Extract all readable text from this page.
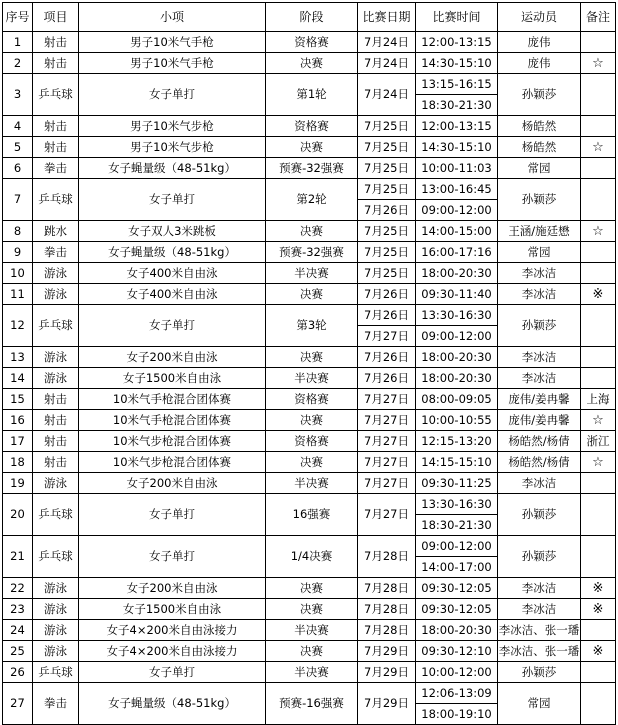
序号	项目	小项	阶段	比赛日期	比赛时间	运动员	备注
1	射击	男子10米气手枪	资格赛	7月24日	12:00-13:15	庞伟	
2	射击	男子10米气手枪	决赛	7月24日	14:30-15:10	庞伟	☆
3	乒乓球	女子单打	第1轮	7月24日	13:15-16:15	孙颖莎	
					18:30-21:30		
4	射击	男子10米气步枪	资格赛	7月25日	12:00-13:15	杨皓然	
5	射击	男子10米气步枪	决赛	7月25日	14:30-15:10	杨皓然	☆
6	拳击	女子蝇量级（48-51kg）	预赛-32强赛	7月25日	10:00-11:03	常园	
7	乒乓球	女子单打	第2轮	7月25日	13:00-16:45	孙颖莎	
				7月26日	09:00-12:00		
8	跳水	女子双人3米跳板	决赛	7月25日	14:00-15:00	王涵/施廷懋	☆
9	拳击	女子蝇量级（48-51kg）	预赛-32强赛	7月25日	16:00-17:16	常园	
10	游泳	女子400米自由泳	半决赛	7月25日	18:00-20:30	李冰洁	
11	游泳	女子400米自由泳	决赛	7月26日	09:30-11:40	李冰洁	※
12	乒乓球	女子单打	第3轮	7月26日	13:30-16:30	孙颖莎	
				7月27日	09:00-12:00		
13	游泳	女子200米自由泳	决赛	7月26日	18:00-20:30	李冰洁	
14	游泳	女子1500米自由泳	半决赛	7月26日	18:00-20:30	李冰洁	
15	射击	10米气手枪混合团体赛	资格赛	7月27日	08:00-09:05	庞伟/姜冉馨	上海
16	射击	10米气手枪混合团体赛	决赛	7月27日	10:00-10:55	庞伟/姜冉馨	☆
17	射击	10米气步枪混合团体赛	资格赛	7月27日	12:15-13:20	杨皓然/杨倩	浙江
18	射击	10米气步枪混合团体赛	决赛	7月27日	14:15-15:10	杨皓然/杨倩	☆
19	游泳	女子200米自由泳	半决赛	7月27日	09:30-11:25	李冰洁	
20	乒乓球	女子单打	16强赛	7月27日	13:30-16:30	孙颖莎	
					18:30-21:30		
21	乒乓球	女子单打	1/4决赛	7月28日	09:00-12:00	孙颖莎	
					14:00-17:00		
22	游泳	女子200米自由泳	决赛	7月28日	09:30-12:05	李冰洁	※
23	游泳	女子1500米自由泳	决赛	7月28日	09:30-12:05	李冰洁	※
24	游泳	女子4×200米自由泳接力	半决赛	7月28日	18:00-20:30	李冰洁、张一璠	
25	游泳	女子4×200米自由泳接力	决赛	7月29日	09:30-12:10	李冰洁、张一璠	※
26	乒乓球	女子单打	半决赛	7月29日	10:00-12:00	孙颖莎	
27	拳击	女子蝇量级（48-51kg）	预赛-16强赛	7月29日	12:06-13:09	常园	
					18:00-19:10		
